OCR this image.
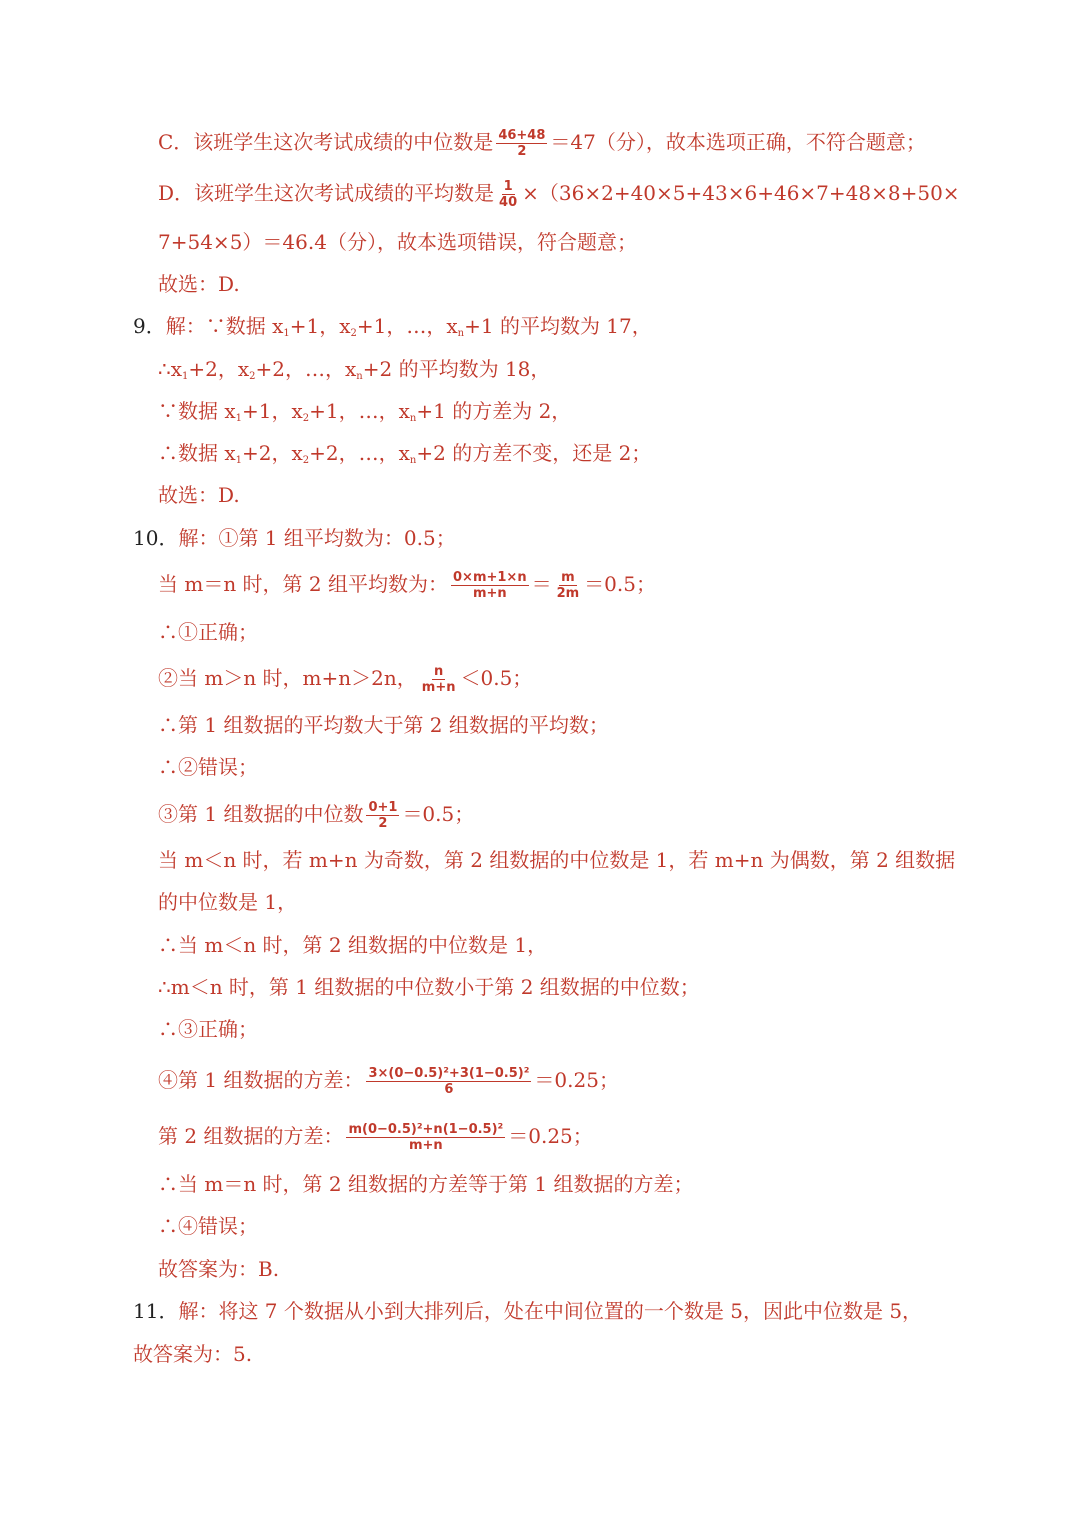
C．该班学生这次考试成绩的中位数是 $\frac{46+48}{2} =47$（分），故本选项正确，不符合题意；
D．该班学生这次考试成绩的平均数是 $\frac{1}{40} \times(36\times 2+40\times 5+43\times 6+46\times 7+48\times 8+50\times$
7+54×5）＝46.4（分），故本选项错误，符合题意；
故选：D.
9．解：∵数据 $x_1+1$，$x_2+1$，…，$x_n+1$ 的平均数为 17，
$\therefore x_1+2$，$x_2+2$，…，$x_n+2$ 的平均数为 18，
∵数据 $x_1+1$，$x_2+1$，…，$x_n+1$ 的方差为 2，
∴数据 $x_1+2$，$x_2+2$，…，$x_n+2$ 的方差不变，还是 2；
故选：D.
10．解：①第 1 组平均数为：0.5；
当 m＝n 时，第 2 组平均数为： $\frac{0\times m+1\times n}{m+n} = \frac{m}{2m} =0.5$；
∴①正确；
②当 m＞n 时，m+n＞2n， $\frac{n}{m+n} <0.5$；
∴第 1 组数据的平均数大于第 2 组数据的平均数；
∴②错误；
③第 1 组数据的中位数 $\frac{0+1}{2} =0.5$；
当 m＜n 时，若 m+n 为奇数，第 2 组数据的中位数是 1，若 m+n 为偶数，第 2 组数据
的中位数是 1，
∴当 m＜n 时，第 2 组数据的中位数是 1，
∴m＜n 时，第 1 组数据的中位数小于第 2 组数据的中位数；
∴③正确；
④第 1 组数据的方差： $\frac{\text{3×(0−0.5)²+3(1−0.5)²}}{6} =0.25$；
第 2 组数据的方差： $\frac{\text{m(0−0.5)²+n(1−0.5)²}}{m+n} =0.25$；
∴当 m＝n 时，第 2 组数据的方差等于第 1 组数据的方差；
∴④错误；
故答案为：B.
11．解：将这 7 个数据从小到大排列后，处在中间位置的一个数是 5，因此中位数是 5，
故答案为：5.
